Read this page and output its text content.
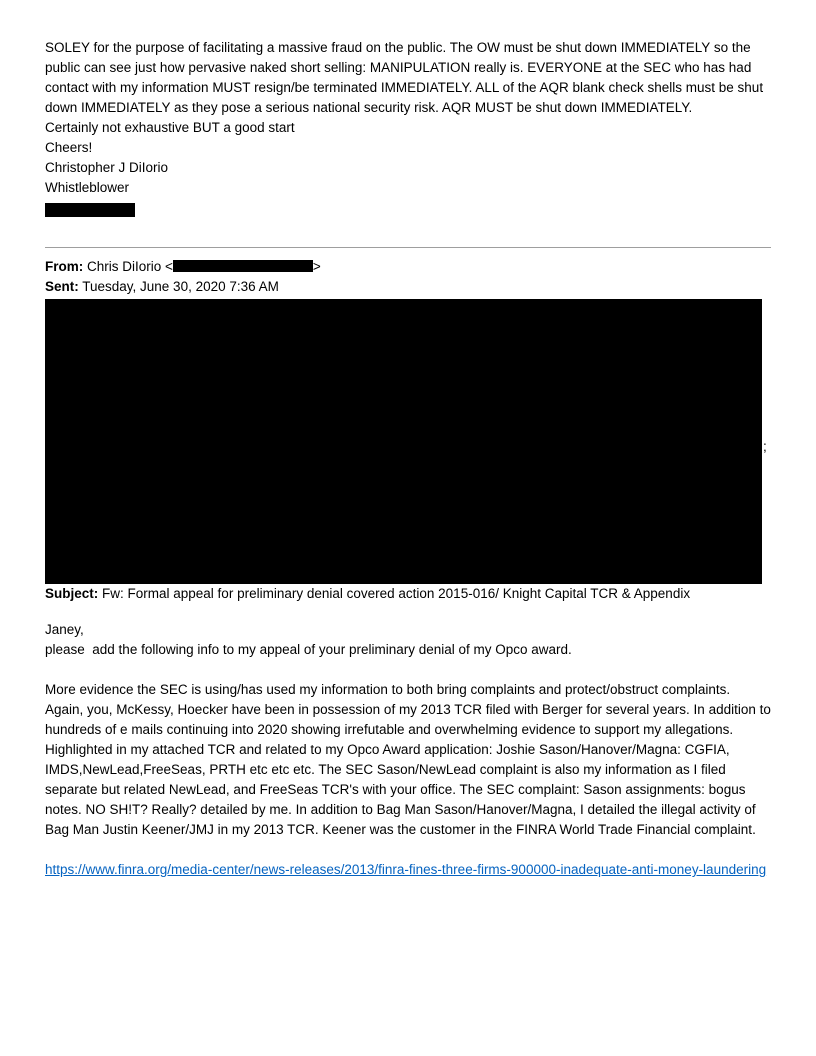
SOLEY for the purpose of facilitating a massive fraud on the public. The OW must be shut down IMMEDIATELY so the public can see just how pervasive naked short selling: MANIPULATION really is. EVERYONE at the SEC who has had contact with my information MUST resign/be terminated IMMEDIATELY. ALL of the AQR blank check shells must be shut down IMMEDIATELY as they pose a serious national security risk. AQR MUST be shut down IMMEDIATELY.
Certainly not exhaustive BUT a good start
Cheers!
Christopher J DiIorio
Whistleblower
From: Chris DiIorio <	>
Sent: Tuesday, June 30, 2020 7:36 AM
;
Subject: Fw: Formal appeal for preliminary denial covered action 2015-016/ Knight Capital TCR & Appendix
Janey,
please  add the following info to my appeal of your preliminary denial of my Opco award.
More evidence the SEC is using/has used my information to both bring complaints and protect/obstruct complaints. Again, you, McKessy, Hoecker have been in possession of my 2013 TCR filed with Berger for several years. In addition to hundreds of e mails continuing into 2020 showing irrefutable and overwhelming evidence to support my allegations.
Highlighted in my attached TCR and related to my Opco Award application: Joshie Sason/Hanover/Magna: CGFIA, IMDS,NewLead,FreeSeas, PRTH etc etc etc. The SEC Sason/NewLead complaint is also my information as I filed separate but related NewLead, and FreeSeas TCR's with your office. The SEC complaint: Sason assignments: bogus notes. NO SH!T? Really? detailed by me. In addition to Bag Man Sason/Hanover/Magna, I detailed the illegal activity of Bag Man Justin Keener/JMJ in my 2013 TCR. Keener was the customer in the FINRA World Trade Financial complaint.
https://www.finra.org/media-center/news-releases/2013/finra-fines-three-firms-900000-inadequate-anti-money-laundering
